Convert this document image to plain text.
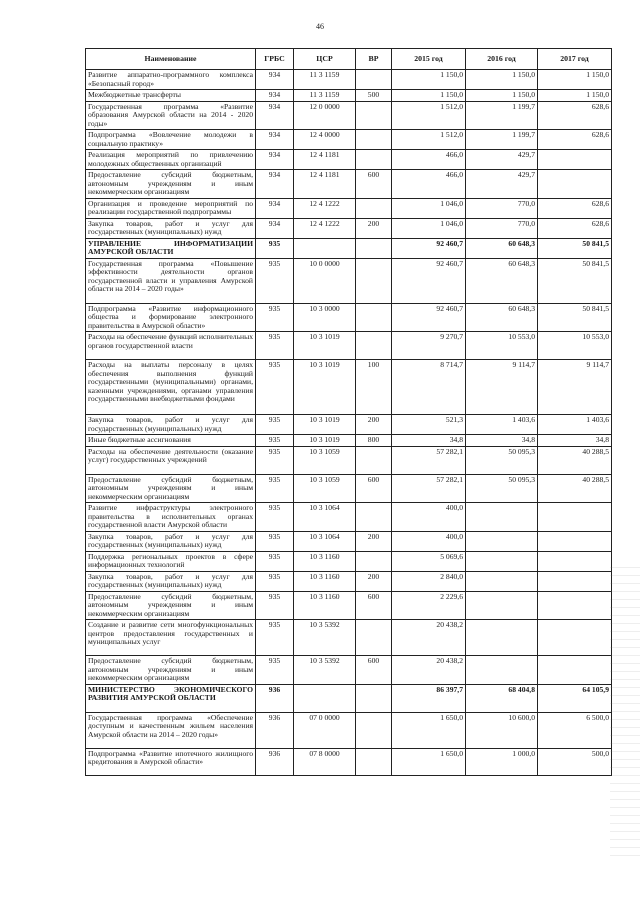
46
Наименование	ГРБС	ЦСР	ВР	2015 год	2016 год	2017 год
Развитие аппаратно-программного комплекса «Безопасный город»	934	11 3 1159		1 150,0	1 150,0	1 150,0
Межбюджетные трансферты	934	11 3 1159	500	1 150,0	1 150,0	1 150,0
Государственная программа «Развитие образования Амурской области на 2014 - 2020 годы»	934	12 0 0000		1 512,0	1 199,7	628,6
Подпрограмма «Вовлечение молодежи в социальную практику»	934	12 4 0000		1 512,0	1 199,7	628,6
Реализация мероприятий по привлечению молодежных общественных организаций	934	12 4 1181		466,0	429,7	
Предоставление субсидий бюджетным, автономным учреждениям и иным некоммерческим организациям	934	12 4 1181	600	466,0	429,7	
Организация и проведение мероприятий по реализации государственной подпрограммы	934	12 4 1222		1 046,0	770,0	628,6
Закупка товаров, работ и услуг для государственных (муниципальных) нужд	934	12 4 1222	200	1 046,0	770,0	628,6
УПРАВЛЕНИЕ ИНФОРМАТИЗАЦИИ АМУРСКОЙ ОБЛАСТИ	935			92 460,7	60 648,3	50 841,5
Государственная программа «Повышение эффективности деятельности органов государственной власти и управления Амурской области на 2014 – 2020 годы»	935	10 0 0000		92 460,7	60 648,3	50 841,5
Подпрограмма «Развитие информационного общества и формирование электронного правительства в Амурской области»	935	10 3 0000		92 460,7	60 648,3	50 841,5
Расходы на обеспечение функций исполнительных органов государственной власти	935	10 3 1019		9 270,7	10 553,0	10 553,0
Расходы на выплаты персоналу в целях обеспечения выполнения функций государственными (муниципальными) органами, казенными учреждениями, органами управления государственными внебюджетными фондами	935	10 3 1019	100	8 714,7	9 114,7	9 114,7
Закупка товаров, работ и услуг для государственных (муниципальных) нужд	935	10 3 1019	200	521,3	1 403,6	1 403,6
Иные бюджетные ассигнования	935	10 3 1019	800	34,8	34,8	34,8
Расходы на обеспечение деятельности (оказание услуг) государственных учреждений	935	10 3 1059		57 282,1	50 095,3	40 288,5
Предоставление субсидий бюджетным, автономным учреждениям и иным некоммерческим организациям	935	10 3 1059	600	57 282,1	50 095,3	40 288,5
Развитие инфраструктуры электронного правительства в исполнительных органах государственной власти Амурской области	935	10 3 1064		400,0		
Закупка товаров, работ и услуг для государственных (муниципальных) нужд	935	10 3 1064	200	400,0		
Поддержка региональных проектов в сфере информационных технологий	935	10 3 1160		5 069,6		
Закупка товаров, работ и услуг для государственных (муниципальных) нужд	935	10 3 1160	200	2 840,0		
Предоставление субсидий бюджетным, автономным учреждениям и иным некоммерческим организациям	935	10 3 1160	600	2 229,6		
Создание и развитие сети многофункциональных центров предоставления государственных и муниципальных услуг	935	10 3 5392		20 438,2		
Предоставление субсидий бюджетным, автономным учреждениям и иным некоммерческим организациям	935	10 3 5392	600	20 438,2		
МИНИСТЕРСТВО ЭКОНОМИЧЕСКОГО РАЗВИТИЯ АМУРСКОЙ ОБЛАСТИ	936			86 397,7	68 404,8	64 105,9
Государственная программа «Обеспечение доступным и качественным жильем населения Амурской области на 2014 – 2020 годы»	936	07 0 0000		1 650,0	10 600,0	6 500,0
Подпрограмма «Развитие ипотечного жилищного кредитования в Амурской области»	936	07 8 0000		1 650,0	1 000,0	500,0
